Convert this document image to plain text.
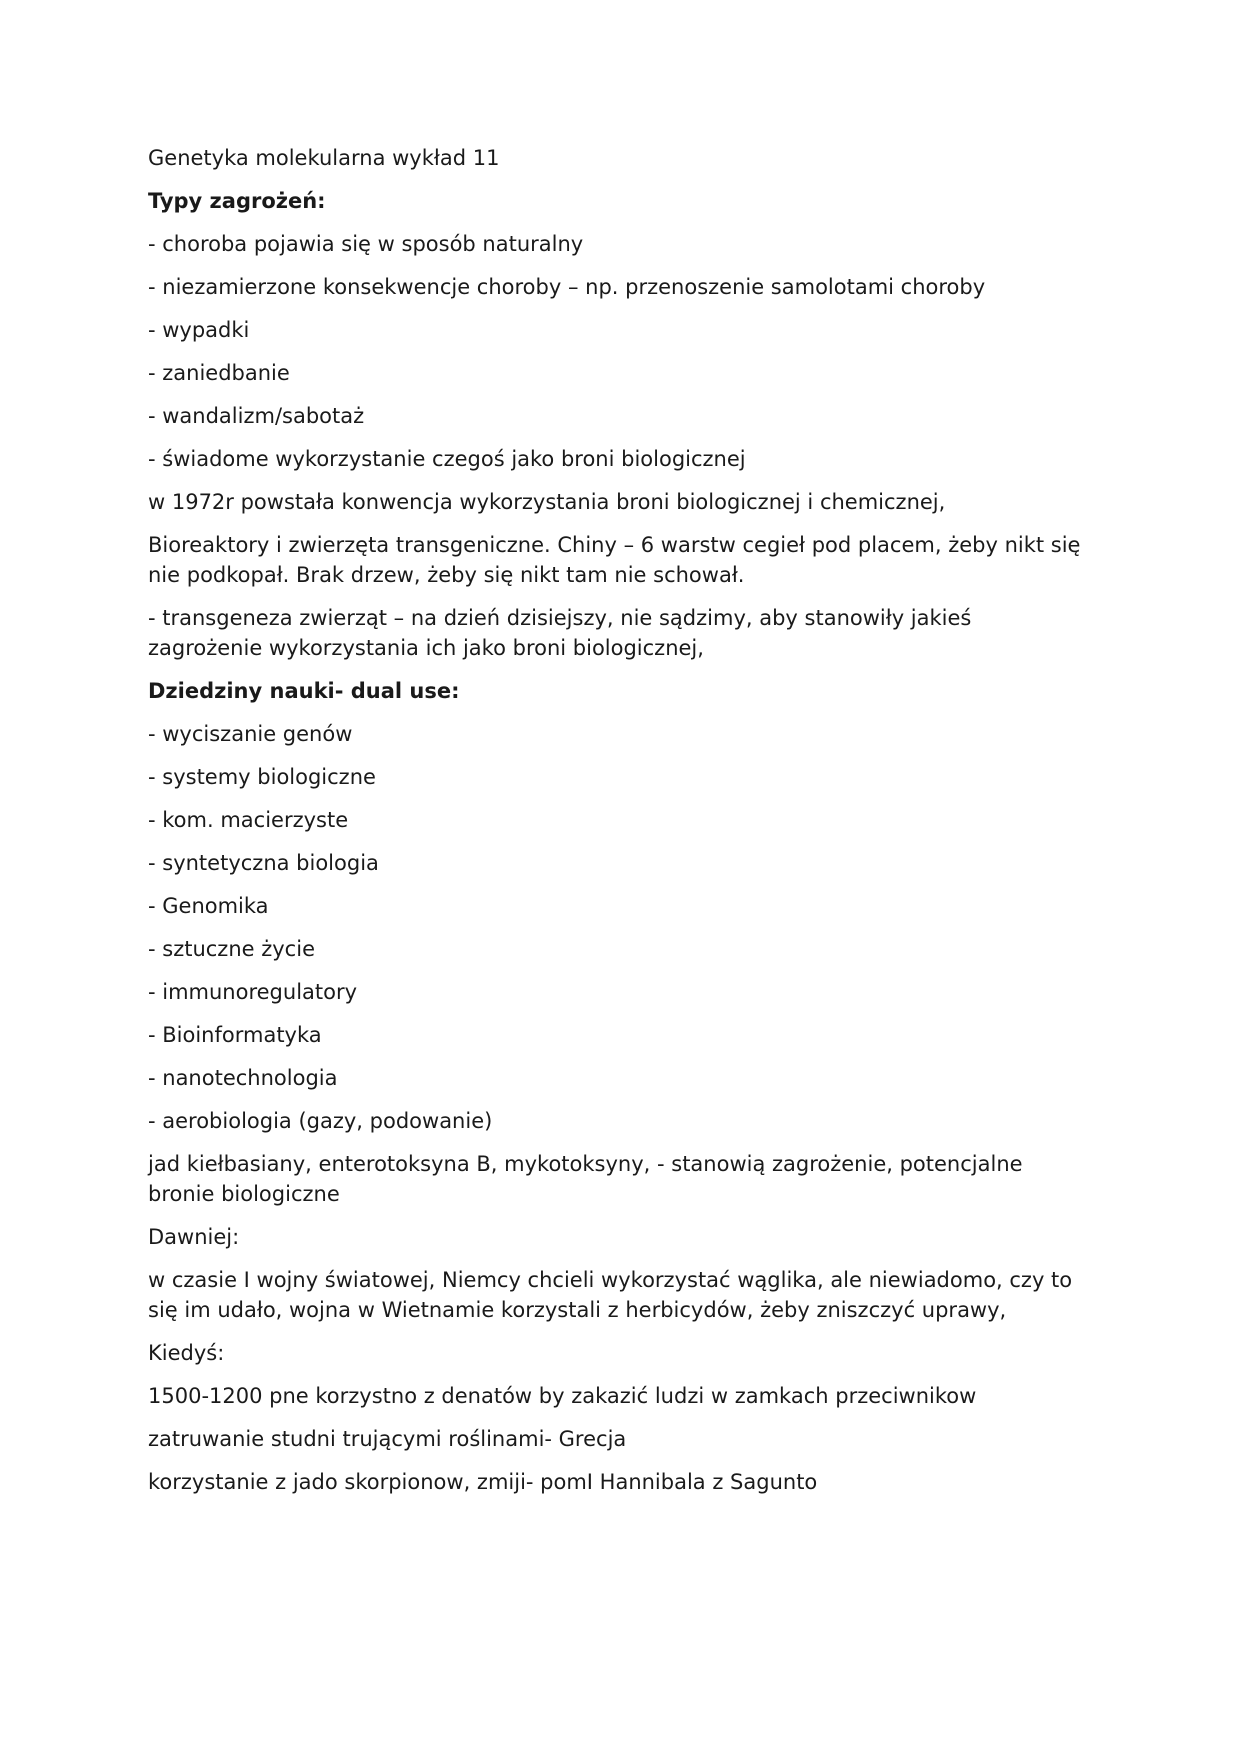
Genetyka molekularna wykład 11

Typy zagrożeń:

- choroba pojawia się w sposób naturalny

- niezamierzone konsekwencje choroby – np. przenoszenie samolotami choroby

- wypadki

- zaniedbanie

- wandalizm/sabotaż

- świadome wykorzystanie czegoś jako broni biologicznej

w 1972r powstała konwencja wykorzystania broni biologicznej i chemicznej,

Bioreaktory i zwierzęta transgeniczne. Chiny – 6 warstw cegieł pod placem, żeby nikt się nie podkopał. Brak drzew, żeby się nikt tam nie schował.

- transgeneza zwierząt – na dzień dzisiejszy, nie sądzimy, aby stanowiły jakieś zagrożenie wykorzystania ich jako broni biologicznej,

Dziedziny nauki- dual use:

- wyciszanie genów

- systemy biologiczne

- kom. macierzyste

- syntetyczna biologia

- Genomika

- sztuczne życie

- immunoregulatory

- Bioinformatyka

- nanotechnologia

- aerobiologia (gazy, podowanie)

jad kiełbasiany, enterotoksyna B, mykotoksyny, - stanowią zagrożenie, potencjalne bronie biologiczne

Dawniej:

w czasie I wojny światowej, Niemcy chcieli wykorzystać wąglika, ale niewiadomo, czy to się im udało, wojna w Wietnamie korzystali z herbicydów, żeby zniszczyć uprawy,

Kiedyś:

1500-1200 pne korzystno z denatów by zakazić ludzi w zamkach przeciwnikow

zatruwanie studni trującymi roślinami- Grecja

korzystanie z jado skorpionow, zmiji- pomI Hannibala z Sagunto
